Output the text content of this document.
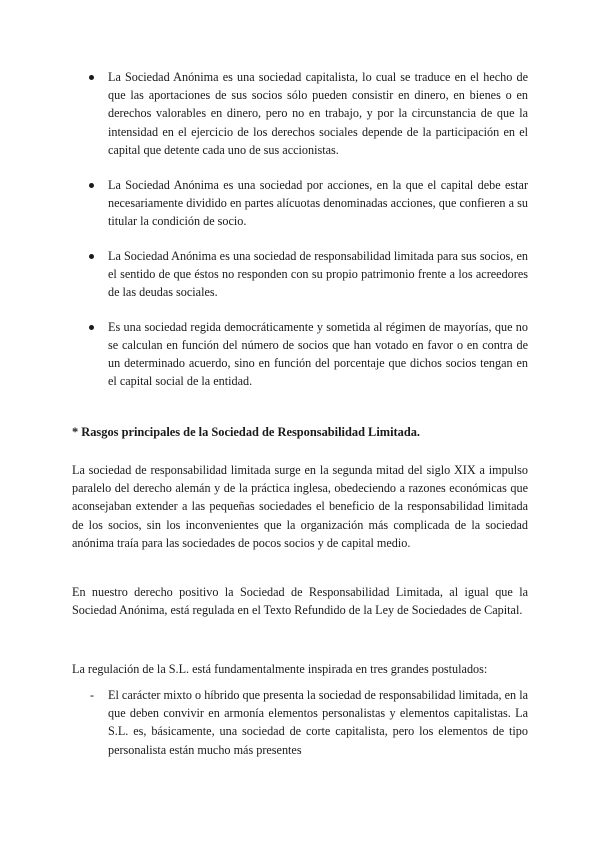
La Sociedad Anónima es una sociedad capitalista, lo cual se traduce en el hecho de que las aportaciones de sus socios sólo pueden consistir en dinero, en bienes o en derechos valorables en dinero, pero no en trabajo, y por la circunstancia de que la intensidad en el ejercicio de los derechos sociales depende de la participación en el capital que detente cada uno de sus accionistas.
La Sociedad Anónima es una sociedad por acciones, en la que el capital debe estar necesariamente dividido en partes alícuotas denominadas acciones, que confieren a su titular la condición de socio.
La Sociedad Anónima es una sociedad de responsabilidad limitada para sus socios, en el sentido de que éstos no responden con su propio patrimonio frente a los acreedores de las deudas sociales.
Es una sociedad regida democráticamente y sometida al régimen de mayorías, que no se calculan en función del número de socios que han votado en favor o en contra de un determinado acuerdo, sino en función del porcentaje que dichos socios tengan en el capital social de la entidad.
* Rasgos principales de la Sociedad de Responsabilidad Limitada.

La sociedad de responsabilidad limitada surge en la segunda mitad del siglo XIX a impulso paralelo del derecho alemán y de la práctica inglesa, obedeciendo a razones económicas que aconsejaban extender a las pequeñas sociedades el beneficio de la responsabilidad limitada de los socios, sin los inconvenientes que la organización más complicada de la sociedad anónima traía para las sociedades de pocos socios y de capital medio.

En nuestro derecho positivo la Sociedad de Responsabilidad Limitada, al igual que la Sociedad Anónima, está regulada en el Texto Refundido de la Ley de Sociedades de Capital.

La regulación de la S.L. está fundamentalmente inspirada en tres grandes postulados:

- El carácter mixto o híbrido que presenta la sociedad de responsabilidad limitada, en la que deben convivir en armonía elementos personalistas y elementos capitalistas. La S.L. es, básicamente, una sociedad de corte capitalista, pero los elementos de tipo personalista están mucho más presentes
